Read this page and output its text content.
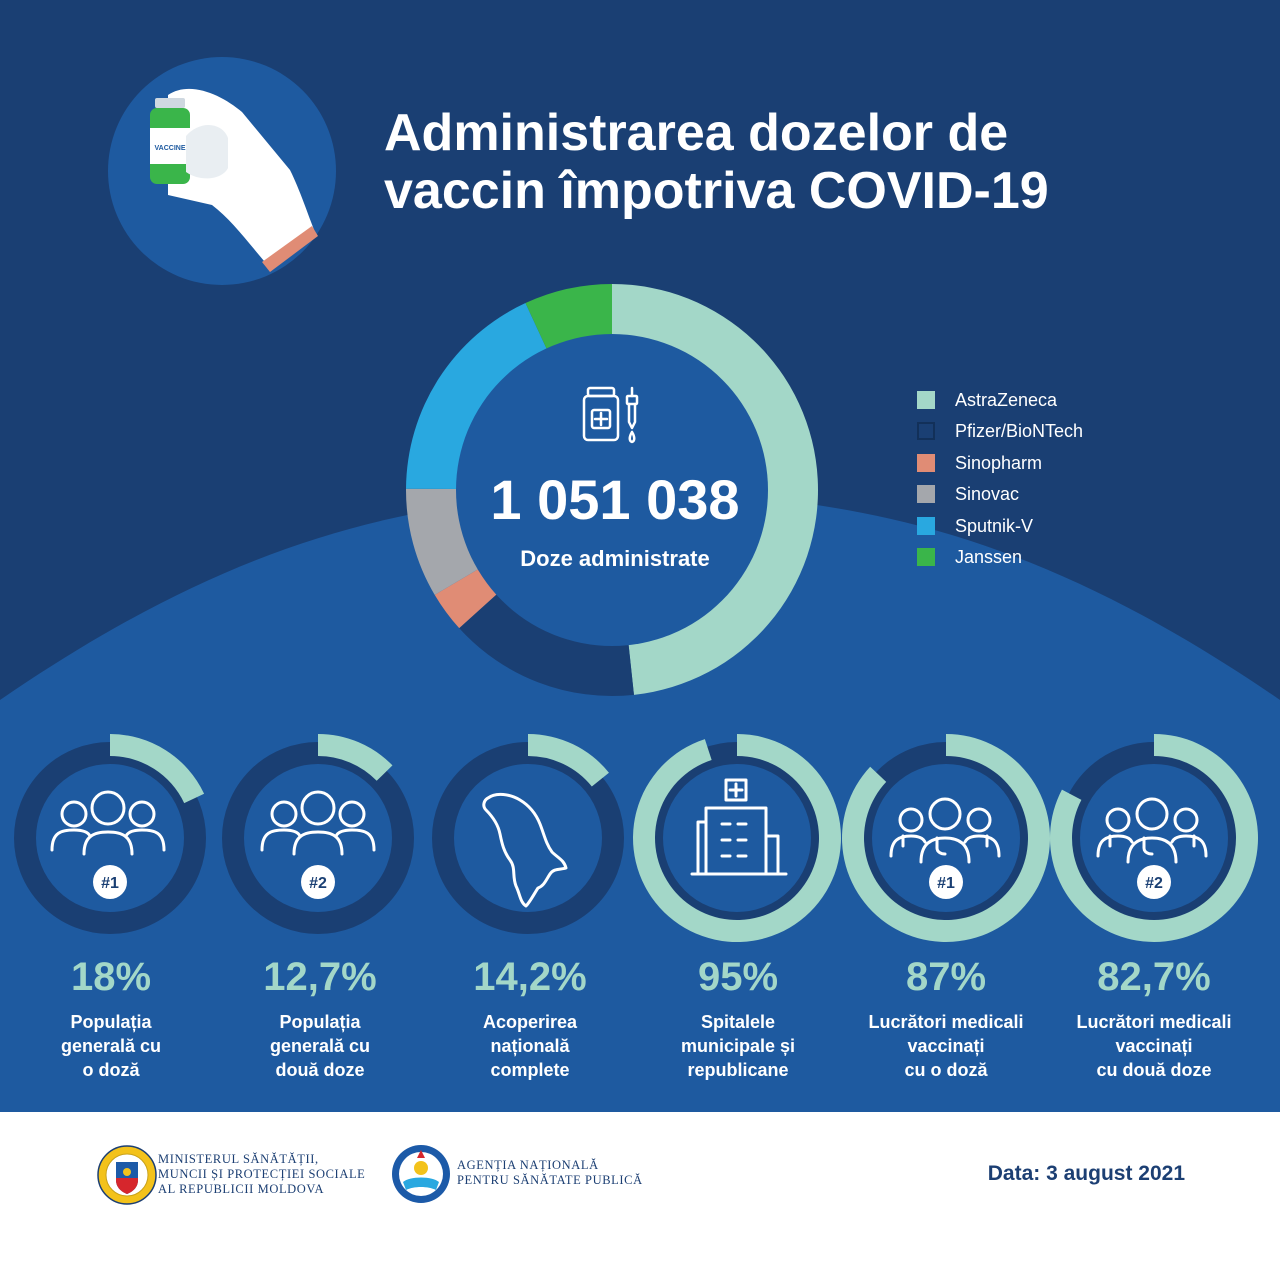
VACCINE
#1	#2	#1	#2
Administrarea dozelor de
vaccin împotriva COVID-19
1 051 038
Doze administrate
AstraZeneca
Pfizer/BioNTech
Sinopharm
Sinovac
Sputnik-V
Janssen
18%
Populația
generală cu
o doză
12,7%
Populația
generală cu
două doze
14,2%
Acoperirea
națională
complete
95%
Spitalele
municipale și
republicane
87%
Lucrători medicali
vaccinați
cu o doză
82,7%
Lucrători medicali
vaccinați
cu două doze
MINISTERUL SĂNĂTĂȚII,
MUNCII ȘI PROTECȚIEI SOCIALE
AL REPUBLICII MOLDOVA
AGENȚIA NAȚIONALĂ
PENTRU SĂNĂTATE PUBLICĂ	Data: 3 august 2021
